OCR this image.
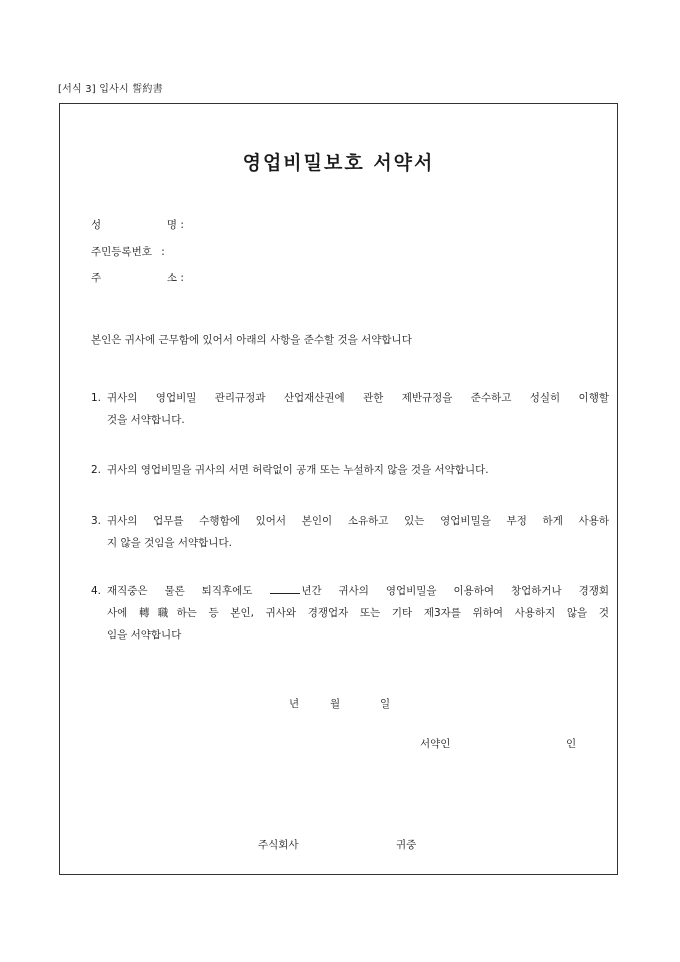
[서식 3] 입사시 誓約書
영업비밀보호 서약서
성	명 :
주민등록번호 :
주	소 :
본인은 귀사에 근무함에 있어서 아래의 사항을 준수할 것을 서약합니다
1. 귀사의 영업비밀 관리규정과 산업재산권에 관한 제반규정을 준수하고 성실히 이행할
것을 서약합니다.
2. 귀사의 영업비밀을 귀사의 서면 허락없이 공개 또는 누설하지 않을 것을 서약합니다.
3. 귀사의 업무를 수행함에 있어서 본인이 소유하고 있는 영업비밀을 부정 하게 사용하
지 않을 것임을 서약합니다.
4. 재직중은 물론 퇴직후에도	년간 귀사의 영업비밀을 이용하여 창업하거나 경쟁회
사에 轉職하는 등 본인, 귀사와 경쟁업자 또는 기타 제3자를 위하여 사용하지 않을 것
임을 서약합니다
년	월	일
서약인	인
주식회사	귀중
